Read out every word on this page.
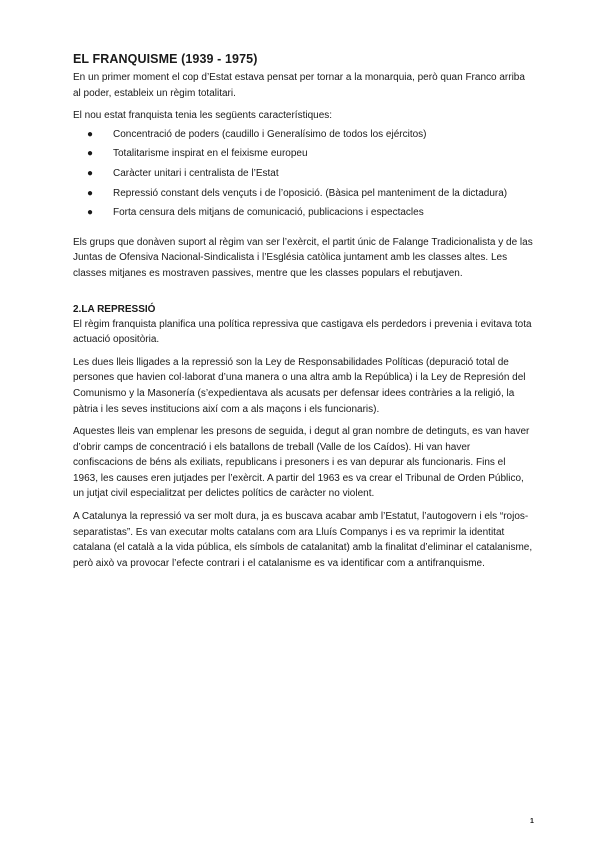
EL FRANQUISME (1939 - 1975)

En un primer moment el cop d’Estat estava pensat per tornar a la monarquia, però quan Franco arriba al poder, estableix un règim totalitari.

El nou estat franquista tenia les següents característiques:

● Concentració de poders (caudillo i Generalísimo de todos los ejércitos)
● Totalitarisme inspirat en el feixisme europeu
● Caràcter unitari i centralista de l’Estat
● Repressió constant dels vençuts i de l’oposició. (Bàsica pel manteniment de la dictadura)
● Forta censura dels mitjans de comunicació, publicacions i espectacles

Els grups que donàven suport al règim van ser l’exèrcit, el partit únic de Falange Tradicionalista y de las Juntas de Ofensiva Nacional-Sindicalista i l’Església catòlica juntament amb les classes altes. Les classes mitjanes es mostraven passives, mentre que les classes populars el rebutjaven.

2.LA REPRESSIÓ

El règim franquista planifica una política repressiva que castigava els perdedors i prevenia i evitava tota actuació opositòria.

Les dues lleis lligades a la repressió son la Ley de Responsabilidades Políticas (depuració total de persones que havien col·laborat d’una manera o una altra amb la República) i la Ley de Represión del Comunismo y la Masonería (s’expedientava als acusats per defensar idees contràries a la religió, la pàtria i les seves institucions així com a als maçons i els funcionaris).

Aquestes lleis van emplenar les presons de seguida, i degut al gran nombre de detinguts, es van haver d’obrir camps de concentració i els batallons de treball (Valle de los Caídos). Hi van haver confiscacions de béns als exiliats, republicans i presoners i es van depurar als funcionaris. Fins el 1963, les causes eren jutjades per l’exèrcit. A partir del 1963 es va crear el Tribunal de Orden Público, un jutjat civil especialitzat per delictes polítics de caràcter no violent.

A Catalunya la repressió va ser molt dura, ja es buscava acabar amb l’Estatut, l’autogovern i els “rojos-separatistas”. Es van executar molts catalans com ara Lluís Companys i es va reprimir la identitat catalana (el català a la vida pública, els símbols de catalanitat) amb la finalitat d’eliminar el catalanisme, però això va provocar l’efecte contrari i el catalanisme es va identificar com a antifranquisme.

1
